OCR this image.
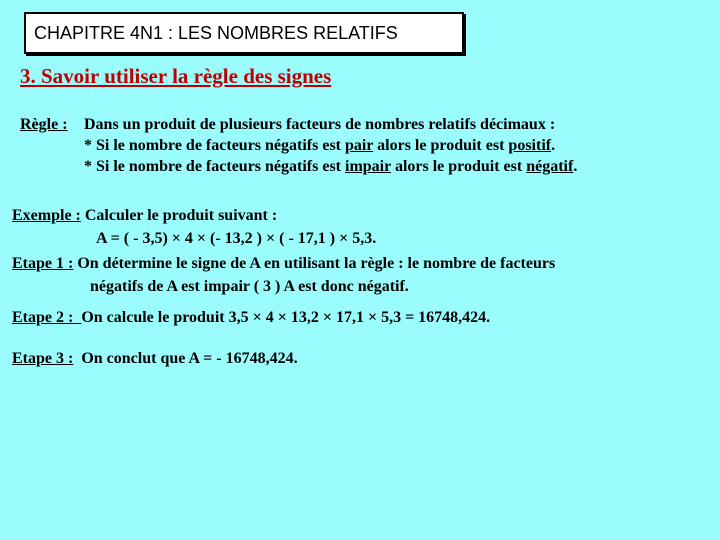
CHAPITRE 4N1 : LES NOMBRES RELATIFS
3. Savoir utiliser la règle des signes
Règle : Dans un produit de plusieurs facteurs de nombres relatifs décimaux :
* Si le nombre de facteurs négatifs est pair alors le produit est positif.
* Si le nombre de facteurs négatifs est impair alors le produit est négatif.
Exemple : Calculer le produit suivant :
A = ( - 3,5) × 4 × (- 13,2 ) × ( - 17,1 ) × 5,3.
Etape 1 : On détermine le signe de A en utilisant la règle : le nombre de facteurs
négatifs de A est impair ( 3 ) A est donc négatif.
Etape 2 :  On calcule le produit 3,5 × 4 × 13,2 × 17,1 × 5,3 = 16748,424.
Etape 3 :  On conclut que A = - 16748,424.
